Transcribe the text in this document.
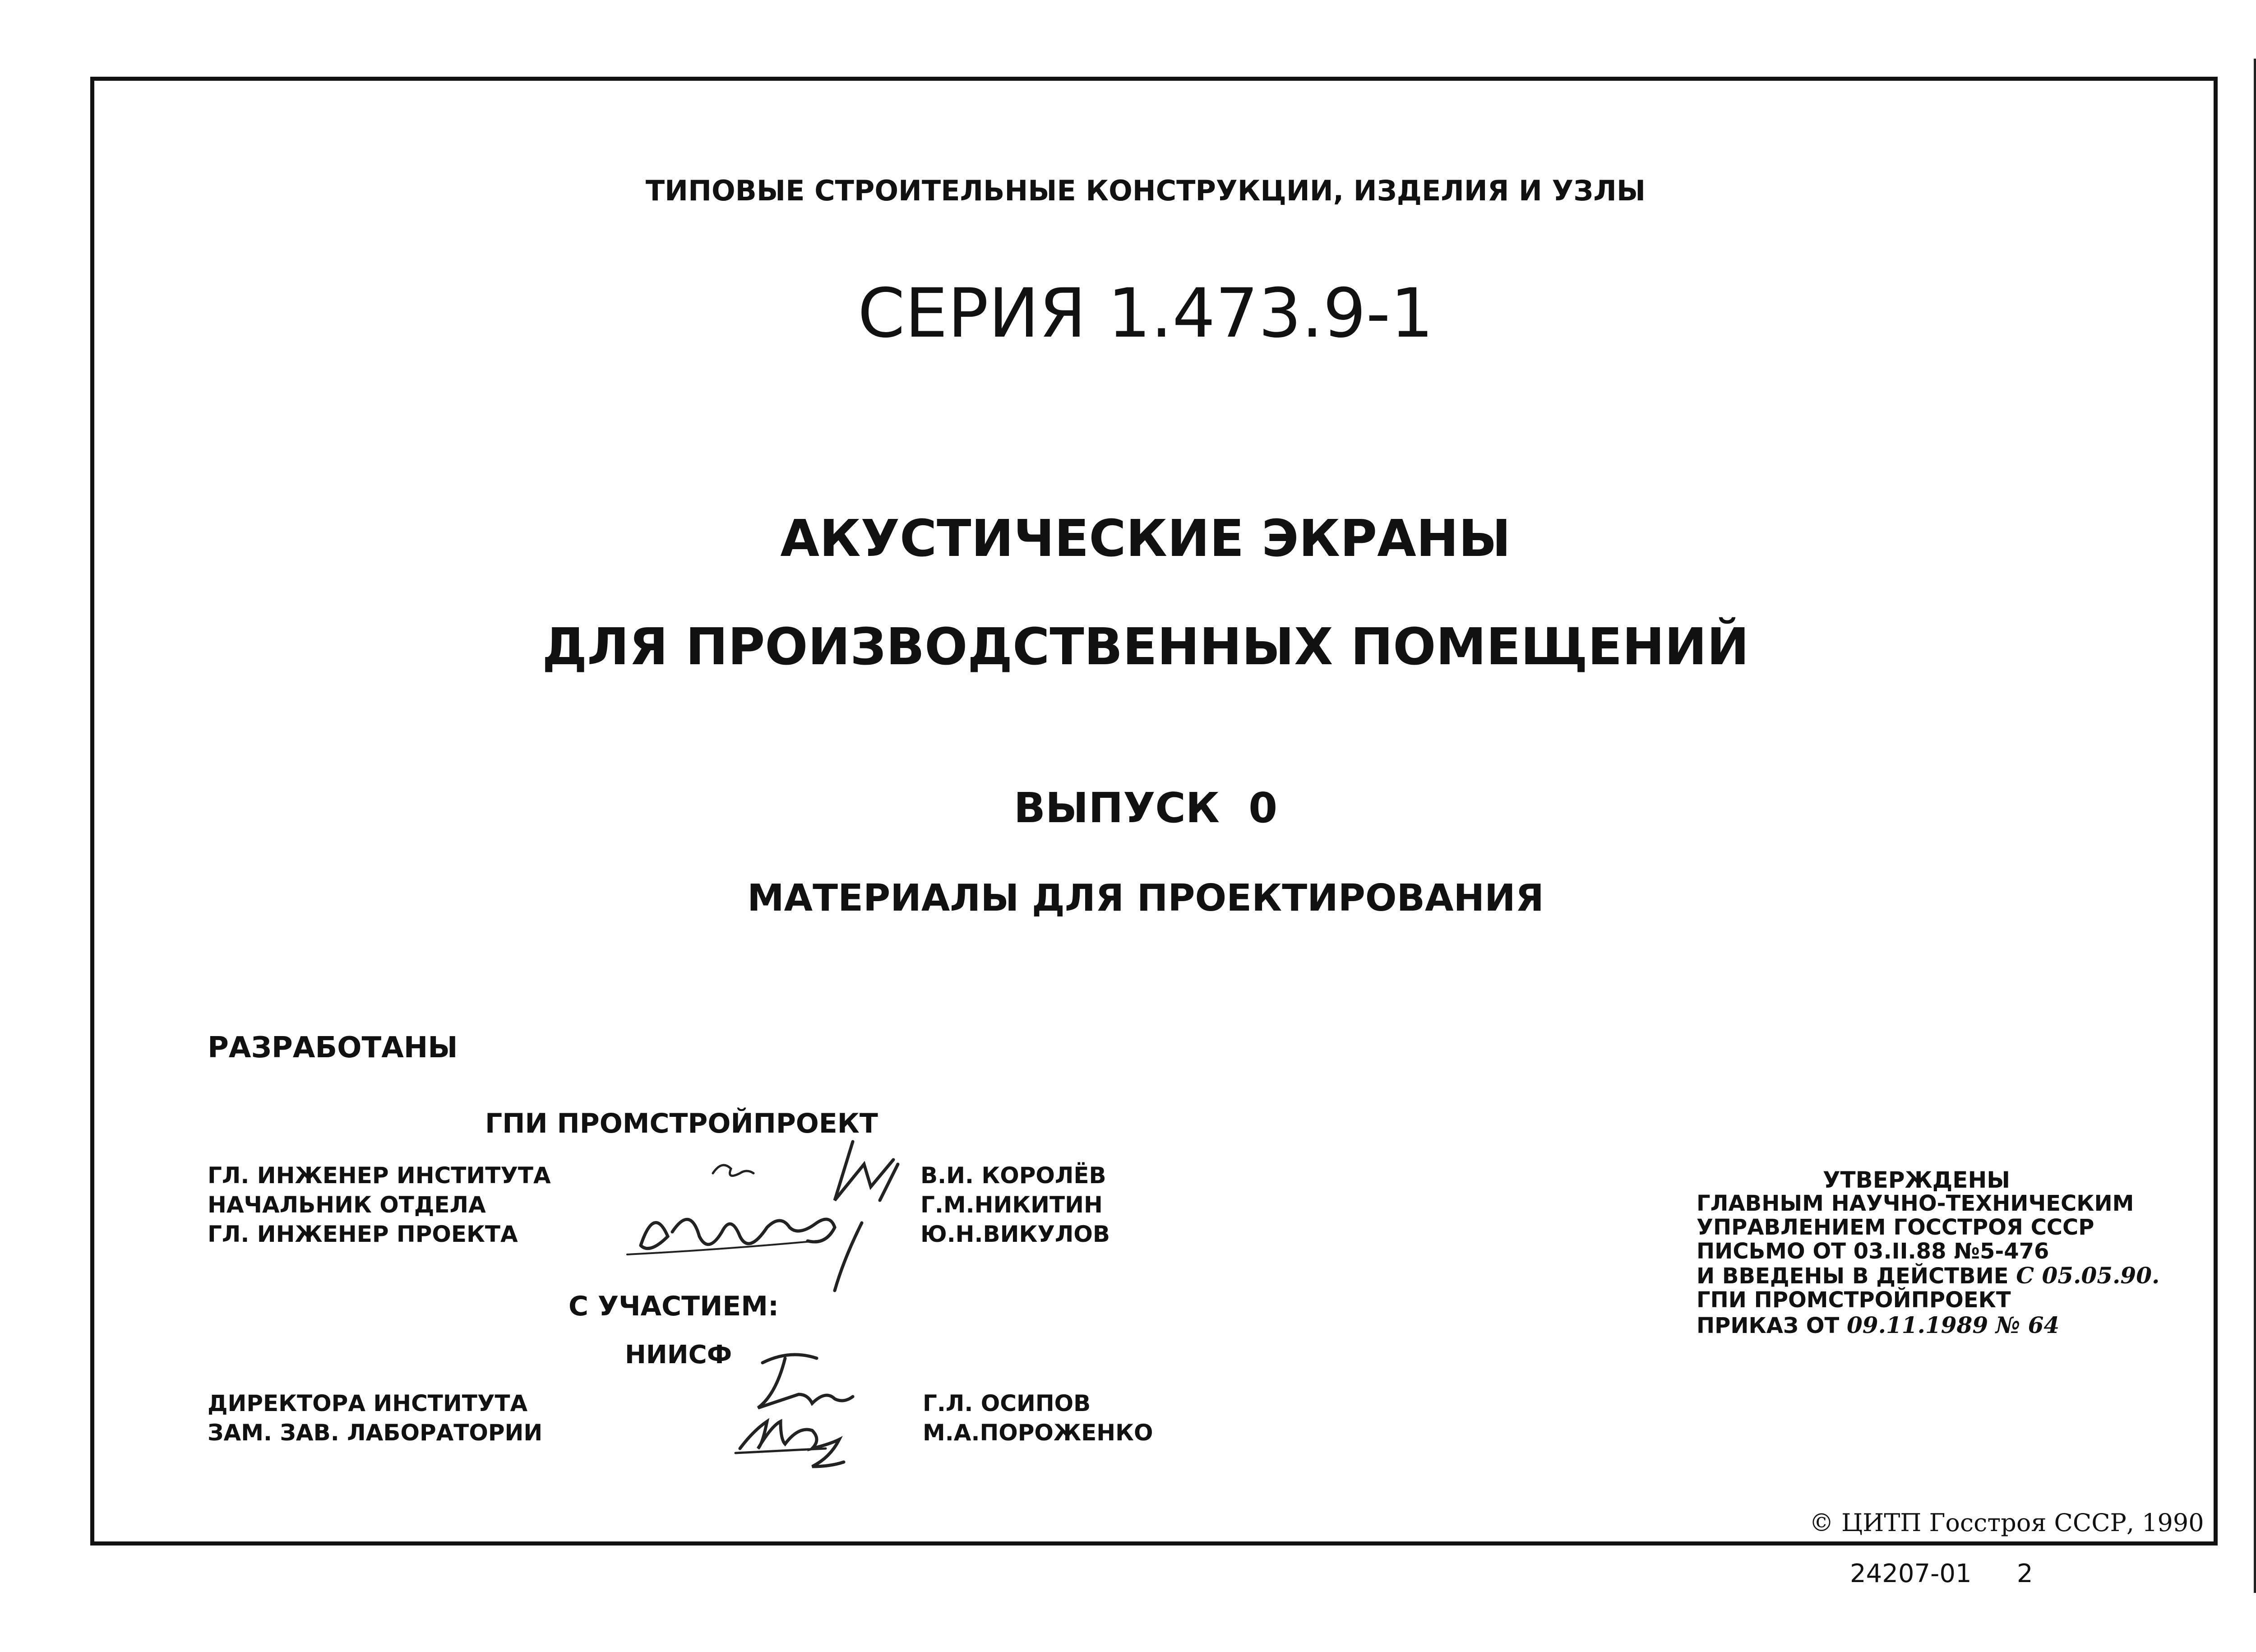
ТИПОВЫЕ СТРОИТЕЛЬНЫЕ КОНСТРУКЦИИ, ИЗДЕЛИЯ И УЗЛЫ
СЕРИЯ 1.473.9-1
АКУСТИЧЕСКИЕ ЭКРАНЫ
ДЛЯ ПРОИЗВОДСТВЕННЫХ ПОМЕЩЕНИЙ
ВЫПУСК 0
МАТЕРИАЛЫ ДЛЯ ПРОЕКТИРОВАНИЯ
РАЗРАБОТАНЫ
ГПИ ПРОМСТРОЙПРОЕКТ
ГЛ. ИНЖЕНЕР ИНСТИТУТА
НАЧАЛЬНИК ОТДЕЛА
ГЛ. ИНЖЕНЕР ПРОЕКТА
В.И. КОРОЛЁВ
Г.М.НИКИТИН
Ю.Н.ВИКУЛОВ
С УЧАСТИЕМ:
НИИСФ
ДИРЕКТОРА ИНСТИТУТА
ЗАМ. ЗАВ. ЛАБОРАТОРИИ
Г.Л. ОСИПОВ
М.А.ПОРОЖЕНКО
УТВЕРЖДЕНЫ
ГЛАВНЫМ НАУЧНО-ТЕХНИЧЕСКИМ
УПРАВЛЕНИЕМ ГОССТРОЯ СССР
ПИСЬМО ОТ 03.II.88 №5-476
И ВВЕДЕНЫ В ДЕЙСТВИЕ С 05.05.90.
ГПИ ПРОМСТРОЙПРОЕКТ
ПРИКАЗ ОТ 09.11.1989 № 64
© ЦИТП Госстроя СССР, 1990
24207-01 2
